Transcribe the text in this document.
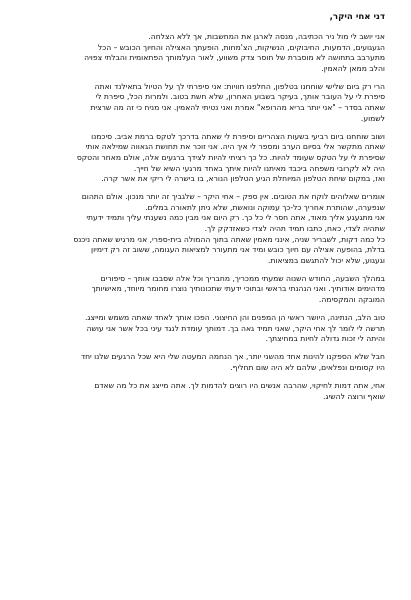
דני אחי היקר,
אני יושב לי מול ניר הכתיבה, מנסה לארגן את המחשבות, אך ללא הצלחה.
הגעגועים, הדמעות, החיבוקים, הנשיקות, הצ'מחות, הופעתך האצילה והחיוך הכובש – הכל
מתערבב בתחושה לא מוסברת של חוסר צדק משווע, לאור העלמותך הפתאומית והבלתי צפויה
והלב ממאן להאמין.
הרי רק ביום שלישי שוחחנו בטלפון, החלפנו חוויות: אני סיפרתי לך על הטיול בתאילנד ואתה
סיפרת לי על העובר אותך, בעיקר בשבוע האחרון, שלא חשת בטוב. ולמרות הכל, סיפרת לי
שאתה בסדר – "אני יותר בריא מהרופא" אמרת ואני נטיתי להאמין. אני מניח כי זה מה שרצית
לשמוע.
ושוב שוחחנו ביום רביעי בשעות הצהריים וסיפרת לי שאתה בדרכך לטקס ברמת אביב. סיכמנו
שאתה מתקשר אלי בסיום הערב ומספר לי איך היה. אני זוכר את תחושת הגאווה שמילאה אותי
שסיפרת לי על הטקס שעומד להיות. כל כך רציתי להיות לצידך ברגעים אלה, אולם מאחר והטקס
היה לא לקרובי משפחה ביכבד מאיתנו להיות איתך באחד מרגעי השיא של חייך.
ואז, במקום שיחת הטלפון המיוחלת הגיע הטלפון הנורא, בו בישרה לי ריקי את אשר קרה.
אומרים שאלוהים לוקח את הטובים. אין ספק – אחי היקר – שלגביך זה יותר מנכון. אולם התהום
שנפערה, שהותרת אחריך כל-כך עמוקה ונואשת, שלא ניתן לתאורה במלים.
אני מתגעגע אליך מאוד, אתה חסר לי כל כך. רק היום אני מבין כמה נשענתי עליך ותמיד ידעתי
שתהיה לצדי, כאח, כתבו תמיד תהיה לצדי כשאזדקק לך.
כל כמה דקות, לשבריר שניה, אינני מאמין שאתה בתוך ההמולה בית-ספרי, אני מרגיש שאתה ניכנס
בדלת, בהופעה אצילה עם חיוך כובש ומיד אני מתעורר למציאות העגומה, ששוב זה רק דימיון
וגעגוע, שלא יכול להתגשם במציאות.
במהלך השבעה, החודש השנוה שמעתי ממכריך, מחבריך וכל אלה שסבבו אותך – סיפורים
מדהימים אודותיך. ואני הנהנתי בראשי ובתוכי ידעתי שתכונותיך נוצרו מחומר מיוחד, מאישיותך
המובקה והמקסימה.
טוב הלב, הנתינה, היושר ראשי הן המפנים והן החיצוני. הפכו אותך לאחד שאתה משמש ומייצג.
תרשה לי לומר לך אחי היקר, שאני תמיד גאה בך. דמותך עומדת לנגד עיני בכל אשר אני עושה
והיתה לי זכות גדולה לחיות במחיצתך.
חבל שלא הספקנו להינות אחד מהשני יותר, אך הנחמה המעטה שלי היא שכל הרגעים שלנו יחד
היו קסומים ונפלאים, שלהם לא היה שום תחליף.
אחי, אתה דמות לחיקוי, שהרבה אנשים היו רוצים להדמות לך. אתה מייצג את כל מה שאדם
שואף ורוצה להשיג.
